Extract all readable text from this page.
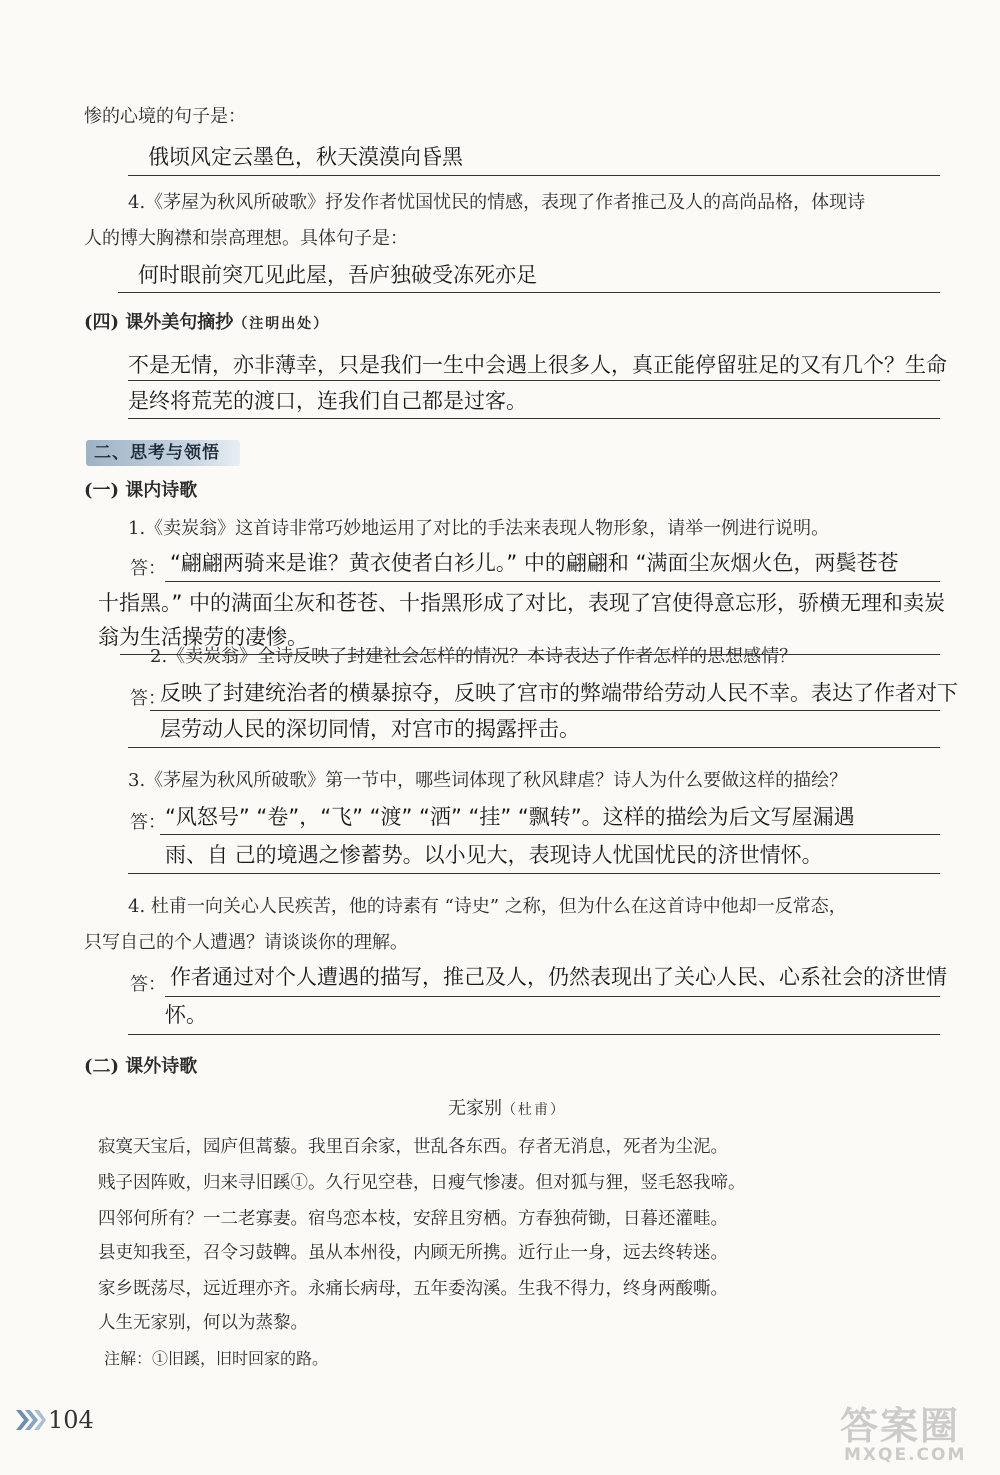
惨的心境的句子是：
俄顷风定云墨色，秋天漠漠向昏黑
4.《茅屋为秋风所破歌》抒发作者忧国忧民的情感，表现了作者推己及人的高尚品格，体现诗
人的博大胸襟和崇高理想。具体句子是：
何时眼前突兀见此屋，吾庐独破受冻死亦足
(四) 课外美句摘抄（注明出处）
不是无情，亦非薄幸，只是我们一生中会遇上很多人，真正能停留驻足的又有几个？生命
是终将荒芜的渡口，连我们自己都是过客。
二、思考与领悟
(一) 课内诗歌
1.《卖炭翁》这首诗非常巧妙地运用了对比的手法来表现人物形象，请举一例进行说明。
答： “翩翩两骑来是谁？黄衣使者白衫儿。” 中的翩翩和 “满面尘灰烟火色，两鬓苍苍
十指黑。” 中的满面尘灰和苍苍、十指黑形成了对比，表现了宫使得意忘形，骄横无理和卖炭
翁为生活操劳的凄惨。
2.《卖炭翁》全诗反映了封建社会怎样的情况？本诗表达了作者怎样的思想感情？
答：
反映了封建统治者的横暴掠夺，反映了宫市的弊端带给劳动人民不幸。表达了作者对下
层劳动人民的深切同情，对宫市的揭露抨击。
3.《茅屋为秋风所破歌》第一节中，哪些词体现了秋风肆虐？诗人为什么要做这样的描绘？
答： “风怒号” “卷”，“飞” “渡” “洒” “挂” “飘转”。这样的描绘为后文写屋漏遇
雨、自 己的境遇之惨蓄势。以小见大，表现诗人忧国忧民的济世情怀。
4. 杜甫一向关心人民疾苦，他的诗素有 “诗史” 之称，但为什么在这首诗中他却一反常态，
只写自己的个人遭遇？请谈谈你的理解。
答： 作者通过对个人遭遇的描写，推己及人，仍然表现出了关心人民、心系社会的济世情
怀。
(二) 课外诗歌
无家别（杜甫）
寂寞天宝后，园庐但蒿藜。我里百余家，世乱各东西。存者无消息，死者为尘泥。
贱子因阵败，归来寻旧蹊①。久行见空巷，日瘦气惨凄。但对狐与狸，竖毛怒我啼。
四邻何所有？一二老寡妻。宿鸟恋本枝，安辞且穷栖。方春独荷锄，日暮还灌畦。
县吏知我至，召令习鼓鞞。虽从本州役，内顾无所携。近行止一身，远去终转迷。
家乡既荡尽，远近理亦齐。永痛长病母，五年委沟溪。生我不得力，终身两酸嘶。
人生无家别，何以为蒸黎。
注解：①旧蹊，旧时回家的路。
104	答案圈
MXQE.COM
